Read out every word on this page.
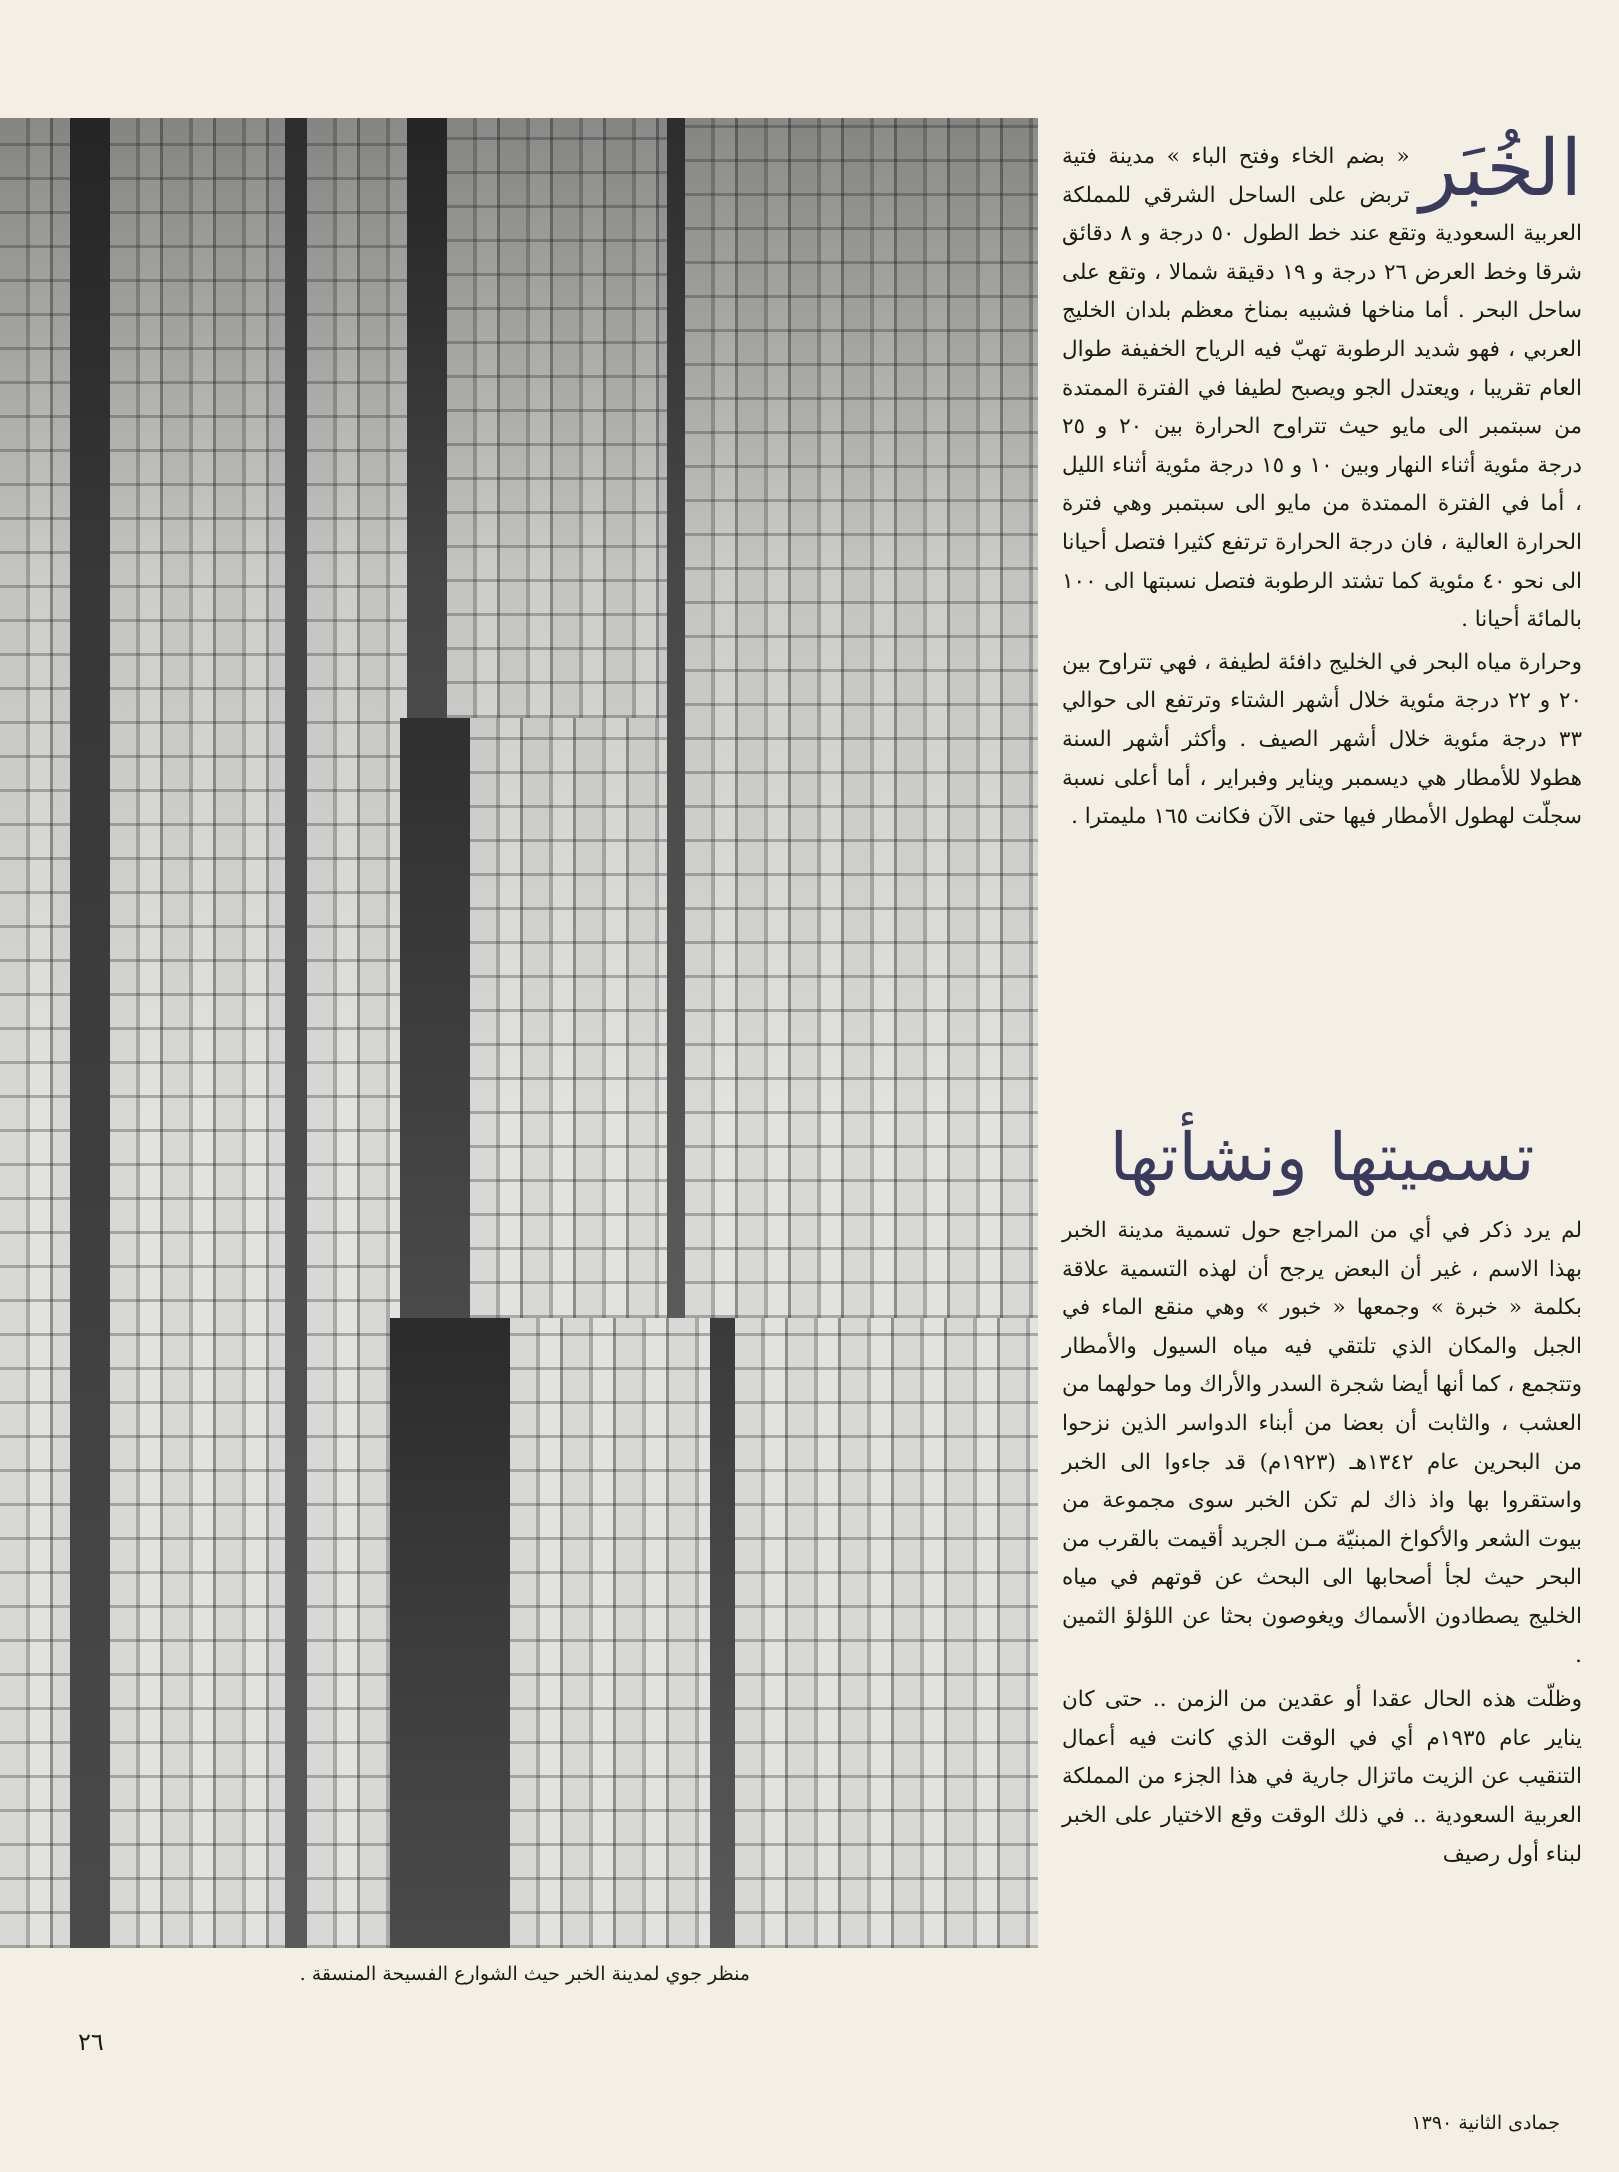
منظر جوي لمدينة الخبر حيث الشوارع الفسيحة المنسقة .
الخُبَر

« بضم الخاء وفتح الباء » مدينة فتية تربض على الساحل الشرقي للمملكة العربية السعودية وتقع عند خط الطول ٥٠ درجة و ٨ دقائق شرقا وخط العرض ٢٦ درجة و ١٩ دقيقة شمالا ، وتقع على ساحل البحر . أما مناخها فشبيه بمناخ معظم بلدان الخليج العربي ، فهو شديد الرطوبة تهبّ فيه الرياح الخفيفة طوال العام تقريبا ، ويعتدل الجو ويصبح لطيفا في الفترة الممتدة من سبتمبر الى مايو حيث تتراوح الحرارة بين ٢٠ و ٢٥ درجة مئوية أثناء النهار وبين ١٠ و ١٥ درجة مئوية أثناء الليل ، أما في الفترة الممتدة من مايو الى سبتمبر وهي فترة الحرارة العالية ، فان درجة الحرارة ترتفع كثيرا فتصل أحيانا الى نحو ٤٠ مئوية كما تشتد الرطوبة فتصل نسبتها الى ١٠٠ بالمائة أحيانا .

وحرارة مياه البحر في الخليج دافئة لطيفة ، فهي تتراوح بين ٢٠ و ٢٢ درجة مئوية خلال أشهر الشتاء وترتفع الى حوالي ٣٣ درجة مئوية خلال أشهر الصيف . وأكثر أشهر السنة هطولا للأمطار هي ديسمبر ويناير وفبراير ، أما أعلى نسبة سجلّت لهطول الأمطار فيها حتى الآن فكانت ١٦٥ مليمترا .

تسميتها ونشأتها

لم يرد ذكر في أي من المراجع حول تسمية مدينة الخبر بهذا الاسم ، غير أن البعض يرجح أن لهذه التسمية علاقة بكلمة « خبرة » وجمعها « خبور » وهي منقع الماء في الجبل والمكان الذي تلتقي فيه مياه السيول والأمطار وتتجمع ، كما أنها أيضا شجرة السدر والأراك وما حولهما من العشب ، والثابت أن بعضا من أبناء الدواسر الذين نزحوا من البحرين عام ١٣٤٢هـ (١٩٢٣م) قد جاءوا الى الخبر واستقروا بها واذ ذاك لم تكن الخبر سوى مجموعة من بيوت الشعر والأكواخ المبنيّة مـن الجريد أقيمت بالقرب من البحر حيث لجأ أصحابها الى البحث عن قوتهم في مياه الخليج يصطادون الأسماك ويغوصون بحثا عن اللؤلؤ الثمين .

وظلّت هذه الحال عقدا أو عقدين من الزمن .. حتى كان يناير عام ١٩٣٥م أي في الوقت الذي كانت فيه أعمال التنقيب عن الزيت ماتزال جارية في هذا الجزء من المملكة العربية السعودية .. في ذلك الوقت وقع الاختيار على الخبر لبناء أول رصيف

٢٦
جمادى الثانية ١٣٩٠
